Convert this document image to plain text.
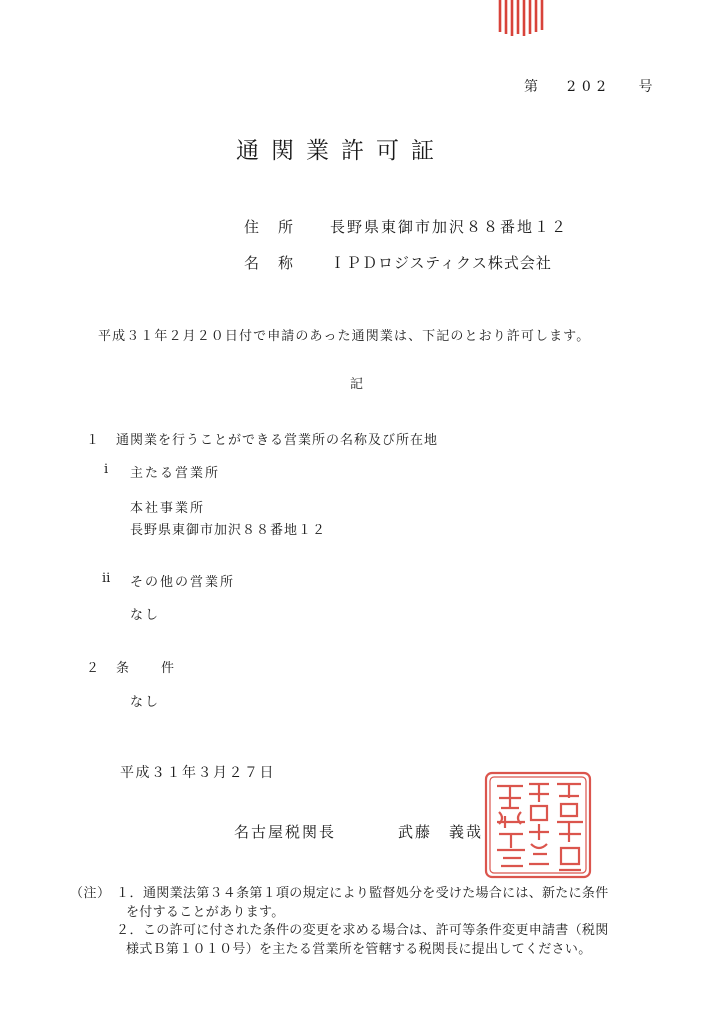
第 202 号
通関業許可証
住　所 長野県東御市加沢８８番地１２
名　称 ＩＰＤロジスティクス株式会社
平成３１年２月２０日付で申請のあった通関業は、下記のとおり許可します。
記
１ 通関業を行うことができる営業所の名称及び所在地
ⅰ 主たる営業所
本社事業所
長野県東御市加沢８８番地１２
ⅱ その他の営業所
なし
２ 条　　件
なし
平成３１年３月２７日
名古屋税関長	武藤　義哉
（注） １． 通関業法第３４条第１項の規定により監督処分を受けた場合には、新たに条件
を付することがあります。
２． この許可に付された条件の変更を求める場合は、許可等条件変更申請書（税関
様式Ｂ第１０１０号）を主たる営業所を管轄する税関長に提出してください。
